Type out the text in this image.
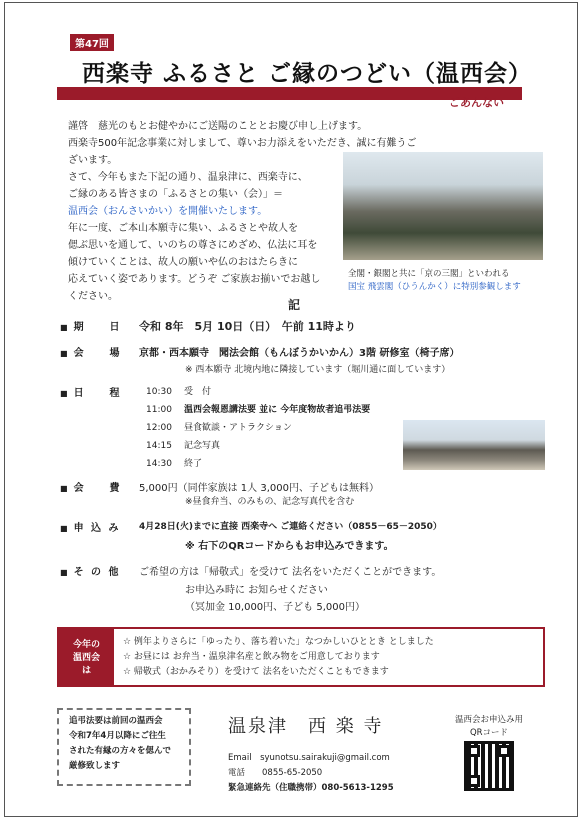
第47回
西楽寺 ふるさと ご縁のつどい（温西会）
ごあんない

謹啓　慈光のもとお健やかにご送陽のこととお慶び申し上げます。

西楽寺500年記念事業に対しまして、尊いお力添えをいただき、誠に有難うございます。

さて、今年もまた下記の通り、温泉津に、西楽寺に、

ご縁のある皆さまの「ふるさとの集い（会）」＝

温西会（おんさいかい）を開催いたします。

年に一度、ご本山本願寺に集い、ふるさとや故人を

偲ぶ思いを通して、いのちの尊さにめざめ、仏法に耳を

傾けていくことは、故人の願いや仏のおはたらきに

応えていく姿であります。どうぞ ご家族お揃いでお越し

ください。

全閣・銀閣と共に「京の三閣」といわれる
国宝 飛雲閣（ひうんかく）に特別参観します
記
■ 期　　日	令和 8年　5月 10日（日）　午前 11時より
■ 会　　場	京都・西本願寺　聞法会館（もんぼうかいかん）3階 研修室（椅子席）
※ 西本願寺 北境内地に隣接しています（堀川通に面しています）
■ 日　　程	10:30 受　付
11:00 温西会報恩講法要 並に 今年度物故者追弔法要
12:00 昼食歓談・アトラクション
14:15 記念写真
14:30 終了
■ 会　　費	5,000円（同伴家族は 1人 3,000円、子どもは無料）
※昼食弁当、のみもの、記念写真代を含む
■ 申 込 み	4月28日(火)までに直接 西楽寺へ ご連絡ください（0855－65－2050）
※ 右下のQRコードからもお申込みできます。
■ そ の 他	ご希望の方は「帰敬式」を受けて 法名をいただくことができます。
お申込み時に お知らせください
（冥加金 10,000円、子ども 5,000円）
今年の
温西会
は
☆ 例年よりさらに「ゆったり、落ち着いた」なつかしいひととき としました
☆ お昼には お弁当・温泉津名産と飲み物をご用意しております
☆ 帰敬式（おかみそり）を受けて 法名をいただくこともできます
追弔法要は前回の温西会
令和7年4月以降にご往生
された有縁の方々を偲んで
厳修致します
温泉津　西 楽 寺
Email　syunotsu.sairakuji@gmail.com
電話　　0855-65-2050
緊急連絡先（住職携帯）080-5613-1295
温西会お申込み用
QRコード
